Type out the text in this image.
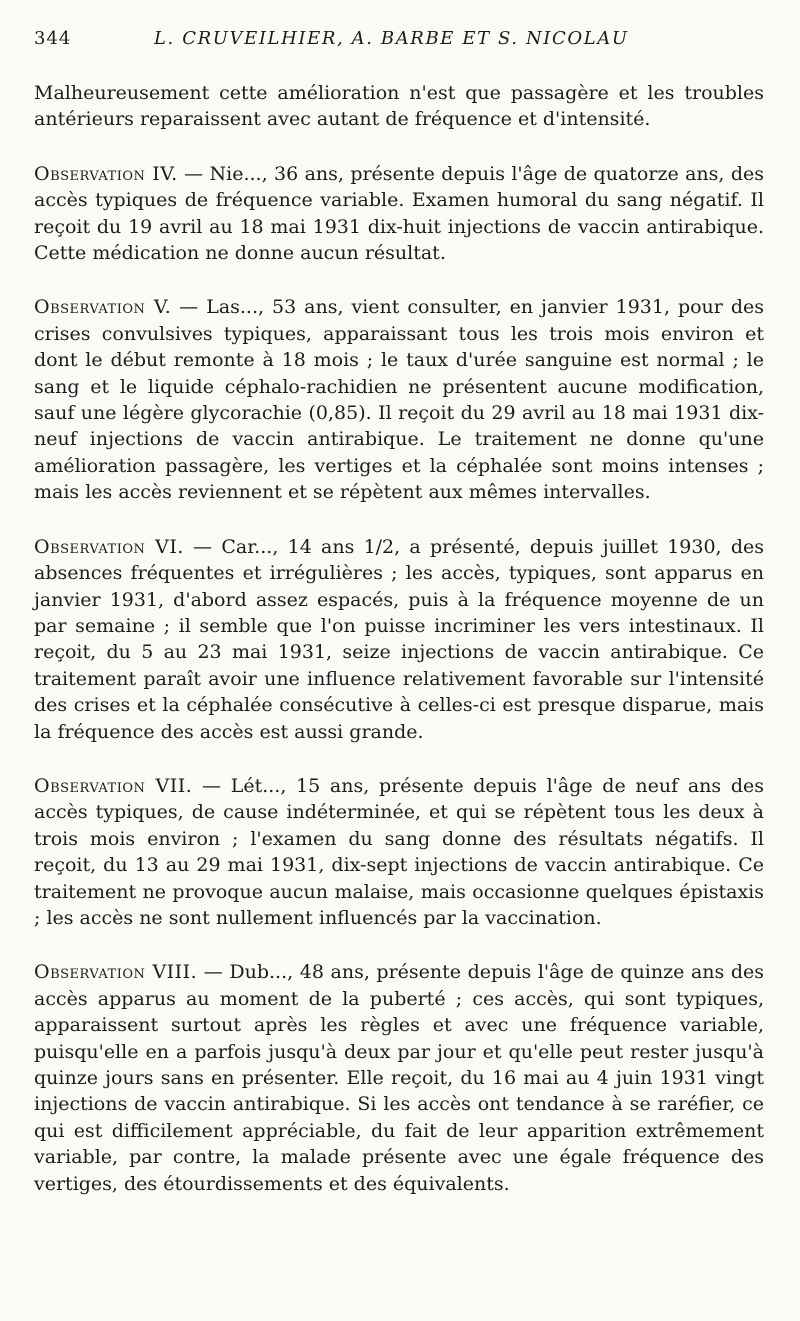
344	L. CRUVEILHIER, A. BARBE ET S. NICOLAU

Malheureusement cette amélioration n'est que passagère et les troubles antérieurs reparaissent avec autant de fréquence et d'intensité.

Observation IV. — Nie..., 36 ans, présente depuis l'âge de quatorze ans, des accès typiques de fréquence variable. Examen humoral du sang négatif. Il reçoit du 19 avril au 18 mai 1931 dix-huit injections de vaccin antirabique. Cette médication ne donne aucun résultat.

Observation V. — Las..., 53 ans, vient consulter, en janvier 1931, pour des crises convulsives typiques, apparaissant tous les trois mois environ et dont le début remonte à 18 mois ; le taux d'urée sanguine est normal ; le sang et le liquide céphalo-rachidien ne présentent aucune modification, sauf une légère glycorachie (0,85). Il reçoit du 29 avril au 18 mai 1931 dix-neuf injections de vaccin antirabique. Le traitement ne donne qu'une amélioration passagère, les vertiges et la céphalée sont moins intenses ; mais les accès reviennent et se répètent aux mêmes intervalles.

Observation VI. — Car..., 14 ans 1/2, a présenté, depuis juillet 1930, des absences fréquentes et irrégulières ; les accès, typiques, sont apparus en janvier 1931, d'abord assez espacés, puis à la fréquence moyenne de un par semaine ; il semble que l'on puisse incriminer les vers intestinaux. Il reçoit, du 5 au 23 mai 1931, seize injections de vaccin antirabique. Ce traitement paraît avoir une influence relativement favorable sur l'intensité des crises et la céphalée consécutive à celles-ci est presque disparue, mais la fréquence des accès est aussi grande.

Observation VII. — Lét..., 15 ans, présente depuis l'âge de neuf ans des accès typiques, de cause indéterminée, et qui se répètent tous les deux à trois mois environ ; l'examen du sang donne des résultats négatifs. Il reçoit, du 13 au 29 mai 1931, dix-sept injections de vaccin antirabique. Ce traitement ne provoque aucun malaise, mais occasionne quelques épistaxis ; les accès ne sont nullement influencés par la vaccination.

Observation VIII. — Dub..., 48 ans, présente depuis l'âge de quinze ans des accès apparus au moment de la puberté ; ces accès, qui sont typiques, apparaissent surtout après les règles et avec une fréquence variable, puisqu'elle en a parfois jusqu'à deux par jour et qu'elle peut rester jusqu'à quinze jours sans en présenter. Elle reçoit, du 16 mai au 4 juin 1931 vingt injections de vaccin antirabique. Si les accès ont tendance à se raréfier, ce qui est difficilement appréciable, du fait de leur apparition extrêmement variable, par contre, la malade présente avec une égale fréquence des vertiges, des étourdissements et des équivalents.
